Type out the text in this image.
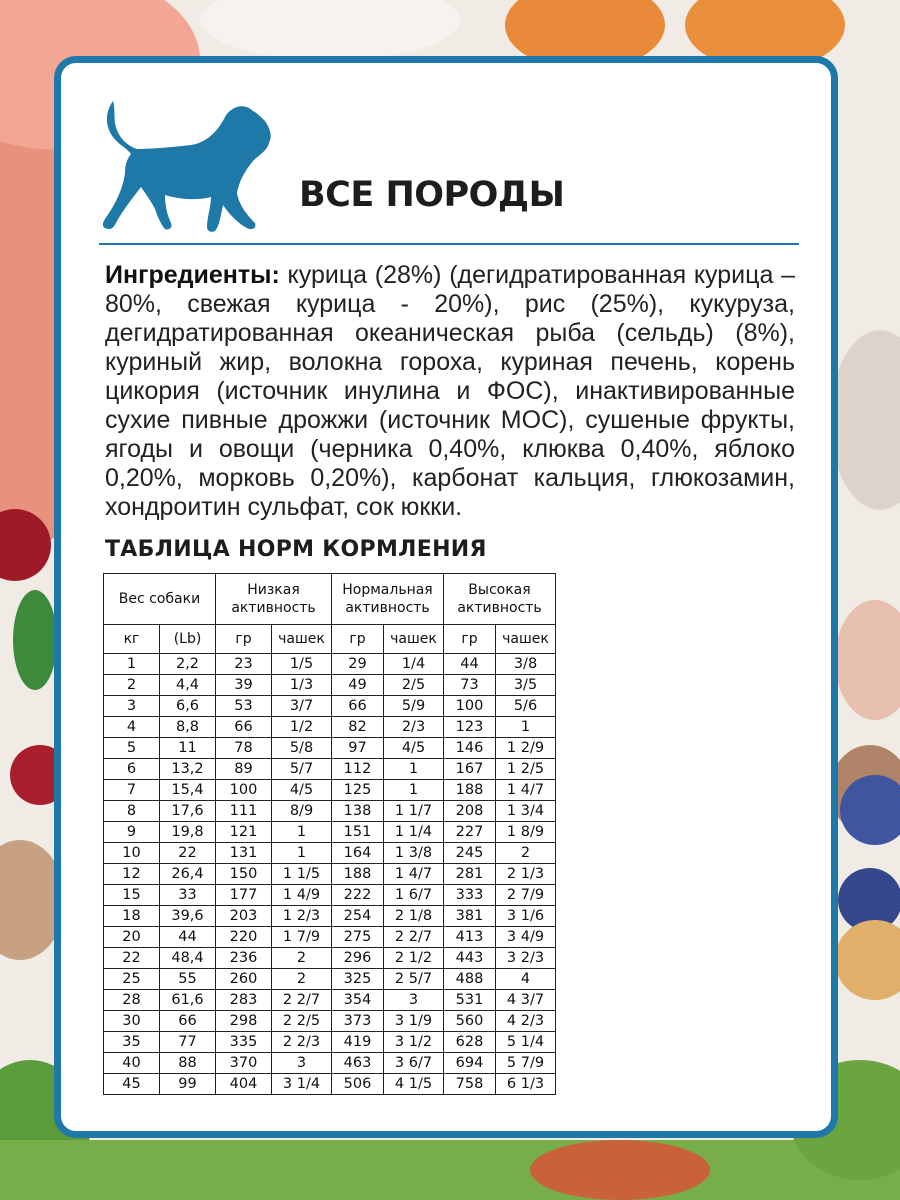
ВСЕ ПОРОДЫ

Ингредиенты: курица (28%) (дегидратированная курица – 80%, свежая курица - 20%), рис (25%), кукуруза, дегидратированная океаническая рыба (сельдь) (8%), куриный жир, волокна гороха, куриная печень, корень цикория (источник инулина и ФОС), инактивированные сухие пивные дрожжи (источник МОС), сушеные фрукты, ягоды и овощи (черника 0,40%, клюква 0,40%, яблоко 0,20%, морковь 0,20%), карбонат кальция, глюкозамин, хондроитин сульфат, сок юкки.

ТАБЛИЦА НОРМ КОРМЛЕНИЯ
Вес собаки		Низкая активность		Нормальная активность		Высокая активность	
кг	(Lb)	гр	чашек	гр	чашек	гр	чашек
1	2,2	23	1/5	29	1/4	44	3/8
2	4,4	39	1/3	49	2/5	73	3/5
3	6,6	53	3/7	66	5/9	100	5/6
4	8,8	66	1/2	82	2/3	123	1
5	11	78	5/8	97	4/5	146	1 2/9
6	13,2	89	5/7	112	1	167	1 2/5
7	15,4	100	4/5	125	1	188	1 4/7
8	17,6	111	8/9	138	1 1/7	208	1 3/4
9	19,8	121	1	151	1 1/4	227	1 8/9
10	22	131	1	164	1 3/8	245	2
12	26,4	150	1 1/5	188	1 4/7	281	2 1/3
15	33	177	1 4/9	222	1 6/7	333	2 7/9
18	39,6	203	1 2/3	254	2 1/8	381	3 1/6
20	44	220	1 7/9	275	2 2/7	413	3 4/9
22	48,4	236	2	296	2 1/2	443	3 2/3
25	55	260	2	325	2 5/7	488	4
28	61,6	283	2 2/7	354	3	531	4 3/7
30	66	298	2 2/5	373	3 1/9	560	4 2/3
35	77	335	2 2/3	419	3 1/2	628	5 1/4
40	88	370	3	463	3 6/7	694	5 7/9
45	99	404	3 1/4	506	4 1/5	758	6 1/3
